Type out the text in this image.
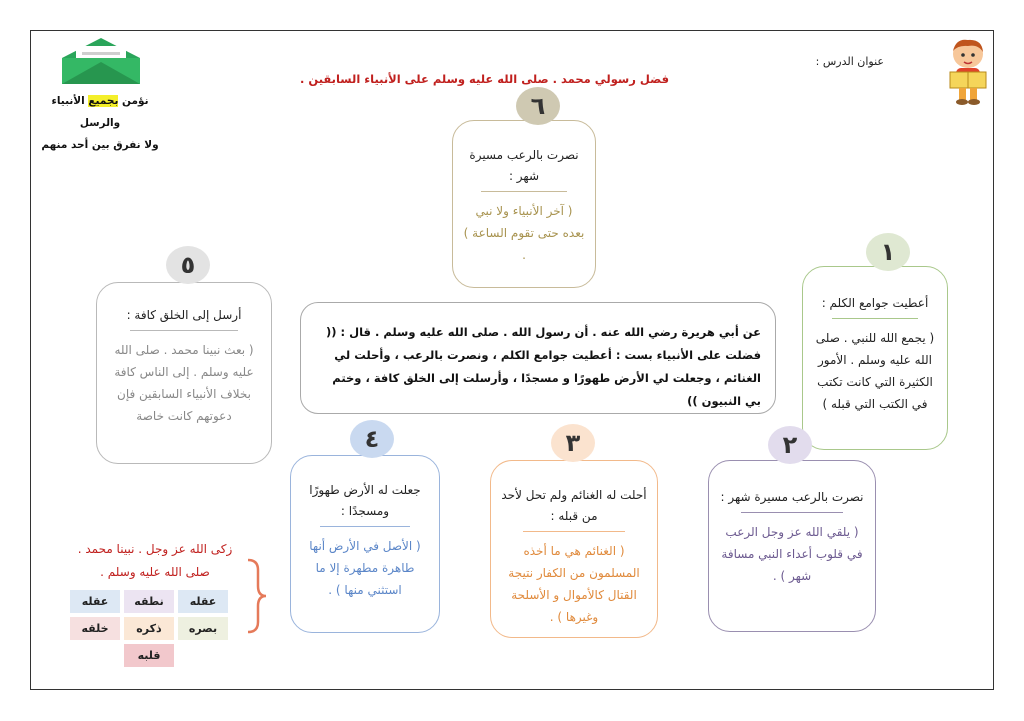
عنوان الدرس :
فضل رسولي محمد . صلى الله عليه وسلم على الأنبياء السابقين .
نؤمن بجميع الأنبياء والرسل
ولا نفرق بين أحد منهم
عن أبي هريرة رضي الله عنه . أن رسول الله . صلى الله عليه وسلم . قال : (( فضلت على الأنبياء بست : أعطيت جوامع الكلم ، ونصرت بالرعب ، وأحلت لي الغنائم ، وجعلت لي الأرض طهورًا و مسجدًا ، وأرسلت إلى الخلق كافة ، وختم بي النبيون ))
نصرت بالرعب مسيرة شهر :
( آخر الأنبياء ولا نبي بعده حتى تقوم الساعة ) .
٦
أعطيت جوامع الكلم :
( يجمع الله للنبي . صلى الله عليه وسلم . الأمور الكثيرة التي كانت تكتب في الكتب التي قبله )
١
أرسل إلى الخلق كافة :
( بعث نبينا محمد . صلى الله عليه وسلم . إلى الناس كافة بخلاف الأنبياء السابقين فإن دعوتهم كانت خاصة
٥
جعلت له الأرض طهورًا ومسجدًا :
( الأصل في الأرض أنها طاهرة مطهرة إلا ما استثني منها ) .
٤
أحلت له الغنائم ولم تحل لأحد من قبله :
( الغنائم هي ما أخذه المسلمون من الكفار نتيجة القتال كالأموال و الأسلحة وغيرها ) .
٣
نصرت بالرعب مسيرة شهر :
( يلقي الله عز وجل الرعب في قلوب أعداء النبي مسافة شهر ) .
٢
زكى الله عز وجل . نبينا محمد . صلى الله عليه وسلم .
عقله
نطقه
عقله
خلقه	ذكره	بصره
قلبه
